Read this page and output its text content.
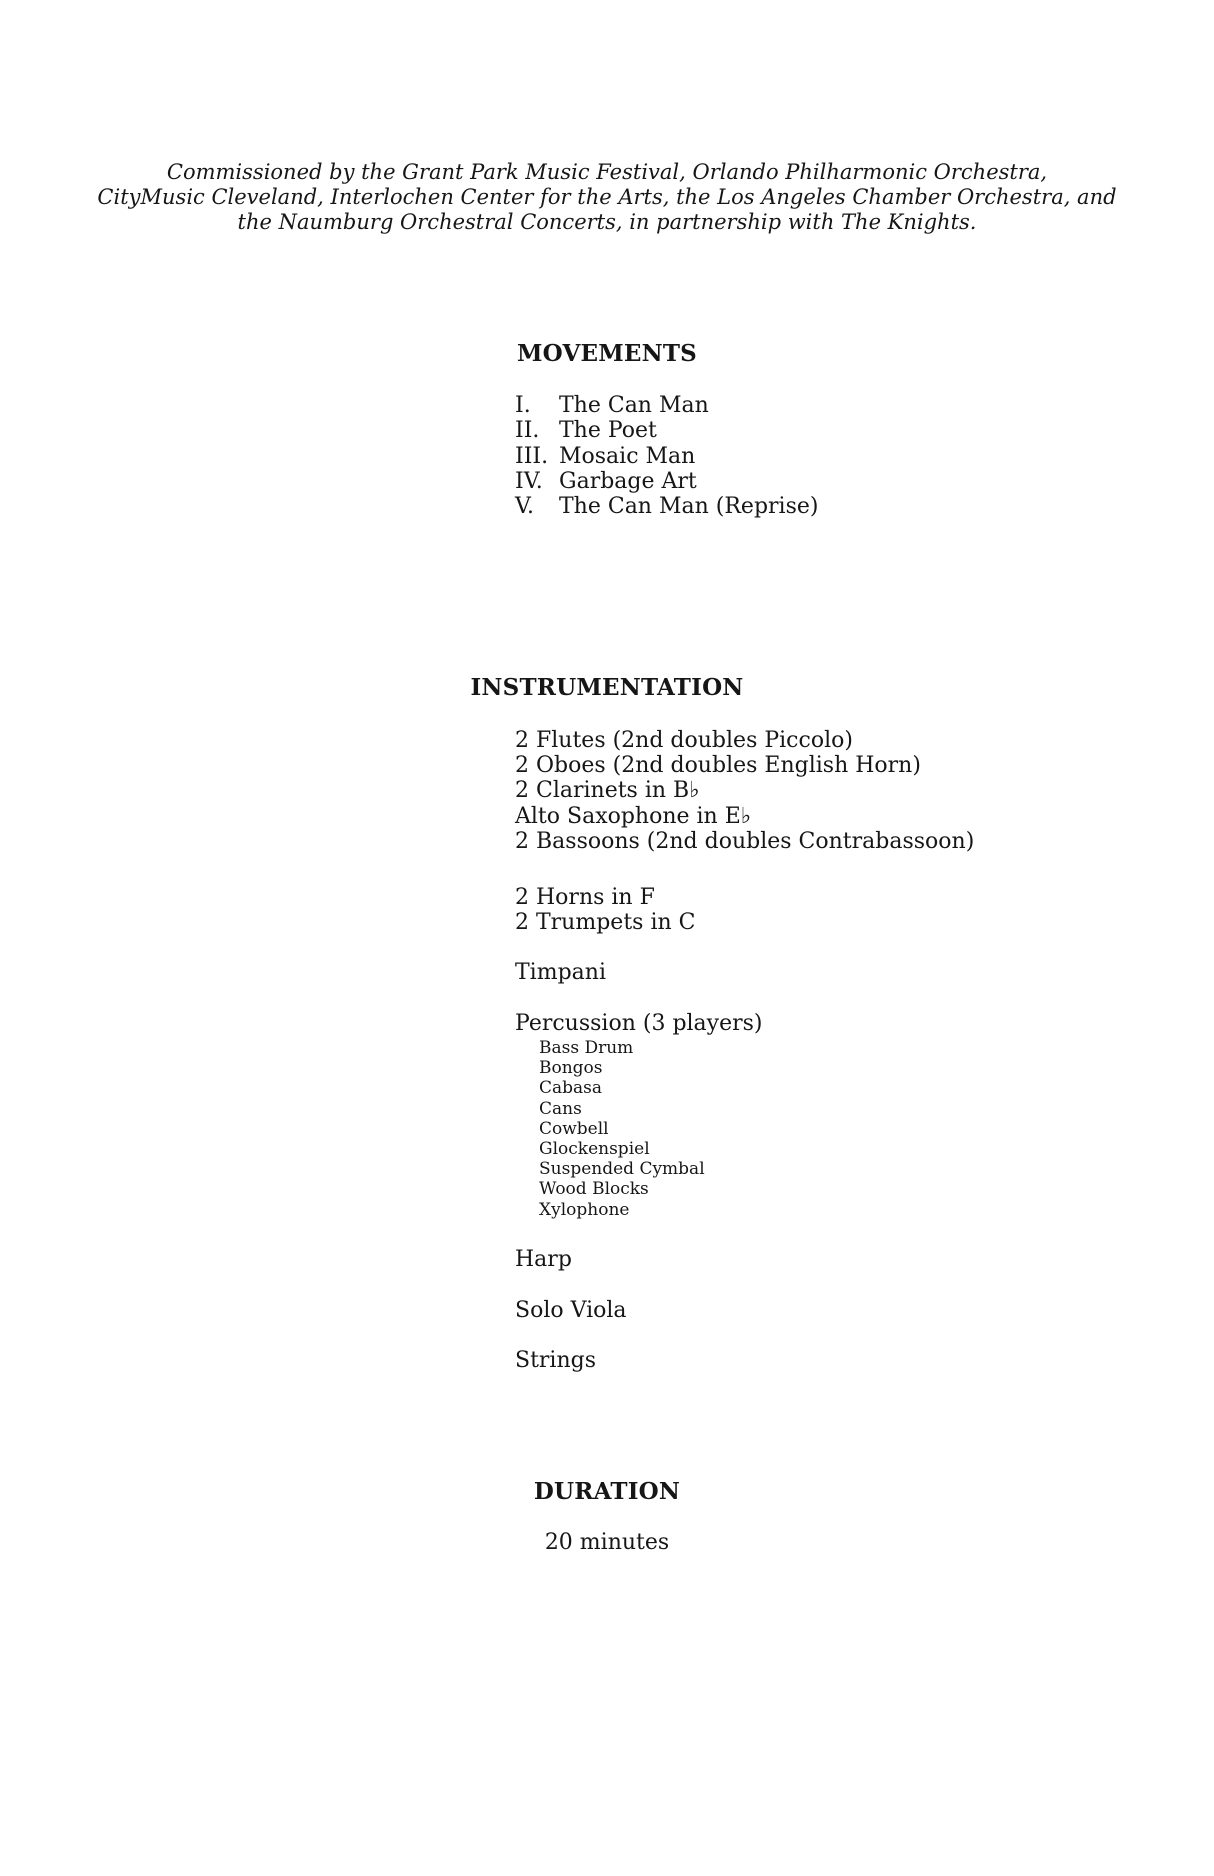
Commissioned by the Grant Park Music Festival, Orlando Philharmonic Orchestra,
CityMusic Cleveland, Interlochen Center for the Arts, the Los Angeles Chamber Orchestra, and
the Naumburg Orchestral Concerts, in partnership with The Knights.
MOVEMENTS
I. The Can Man
II. The Poet
III. Mosaic Man
IV. Garbage Art
V. The Can Man (Reprise)
INSTRUMENTATION
2 Flutes (2nd doubles Piccolo)
2 Oboes (2nd doubles English Horn)
2 Clarinets in B♭
Alto Saxophone in E♭
2 Bassoons (2nd doubles Contrabassoon)
2 Horns in F
2 Trumpets in C
Timpani
Percussion (3 players)
Bass Drum
Bongos
Cabasa
Cans
Cowbell
Glockenspiel
Suspended Cymbal
Wood Blocks
Xylophone
Harp
Solo Viola
Strings
DURATION
20 minutes
